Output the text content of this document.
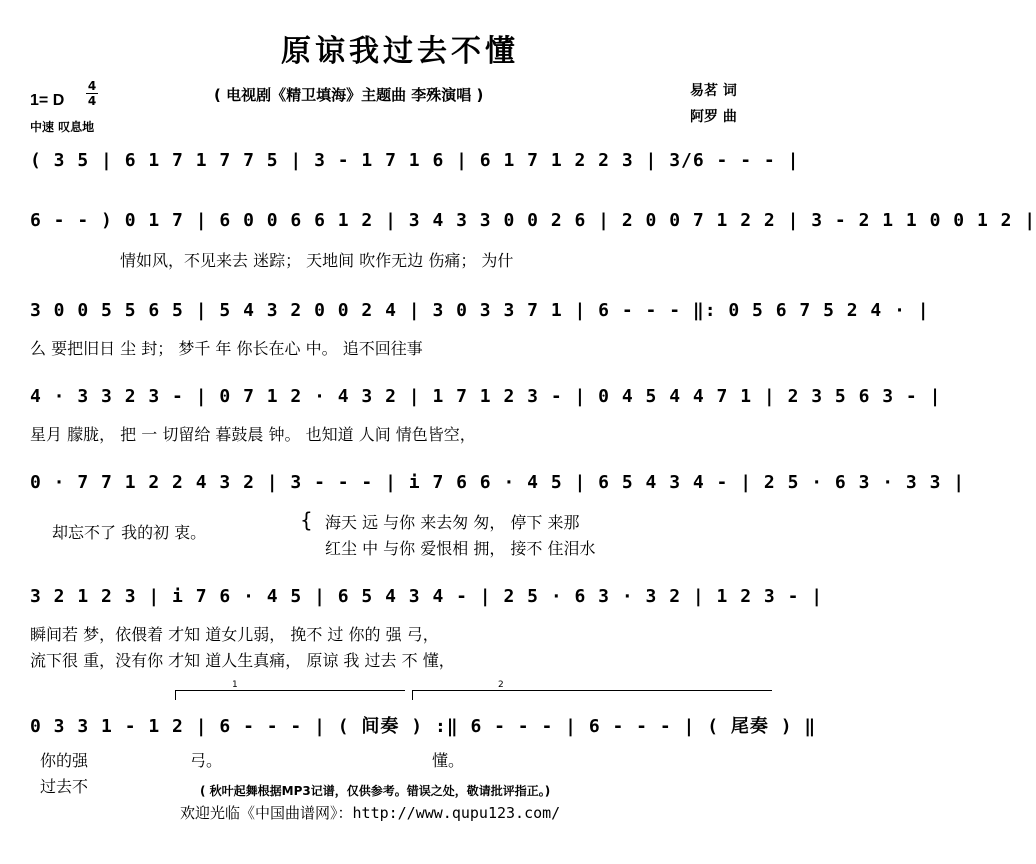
原谅我过去不懂
( 电视剧《精卫填海》主题曲 李殊演唱 )	易茗 词
阿罗 曲
1= D
4
4
中速 叹息地
( 3 5 | 6 1 7 1 7 7 5 | 3 - 1 7 1 6 | 6 1 7 1 2 2 3 | 3/6 - - - |
6 - - ) 0 1 7 | 6 0 0 6 6 1 2 | 3 4 3 3 0 0 2 6 | 2 0 0 7 1 2 2 | 3 - 2 1 1 0 0 1 2 |
情如风，不见来去 迷踪； 天地间 吹作无边 伤痛； 为什
3 0 0 5 5 6 5 | 5 4 3 2 0 0 2 4 | 3 0 3 3 7 1 | 6 - - - ‖: 0 5 6 7 5 2 4 · |
么 要把旧日 尘 封； 梦千 年 你长在心 中。 追不回往事
4 · 3 3 2 3 - | 0 7 1 2 · 4 3 2 | 1 7 1 2 3 - | 0 4 5 4 4 7 1 | 2 3 5 6 3 - |
星月 朦胧， 把 一 切留给 暮鼓晨 钟。 也知道 人间 情色皆空，
0 · 7 7 1 2 2 4 3 2 | 3 - - - | i 7 6 6 · 4 5 | 6 5 4 3 4 - | 2 5 · 6 3 · 3 3 |
却忘不了 我的初 衷。
{ 海天 远 与你 来去匆 匆， 停下 来那
红尘 中 与你 爱恨相 拥， 接不 住泪水
3 2 1 2 3 | i 7 6 · 4 5 | 6 5 4 3 4 - | 2 5 · 6 3 · 3 2 | 1 2 3 - |
瞬间若 梦，依偎着 才知 道女儿弱， 挽不 过 你的 强 弓，
流下很 重，没有你 才知 道人生真痛， 原谅 我 过去 不 懂，
1	2
0 3 3 1 - 1 2 | 6 - - - | ( 间奏 ) :‖ 6 - - - | 6 - - - | ( 尾奏 ) ‖
你的强
过去不
弓。	懂。
( 秋叶起舞根据MP3记谱，仅供参考。错误之处，敬请批评指正。)
欢迎光临《中国曲谱网》：http://www.qupu123.com/
